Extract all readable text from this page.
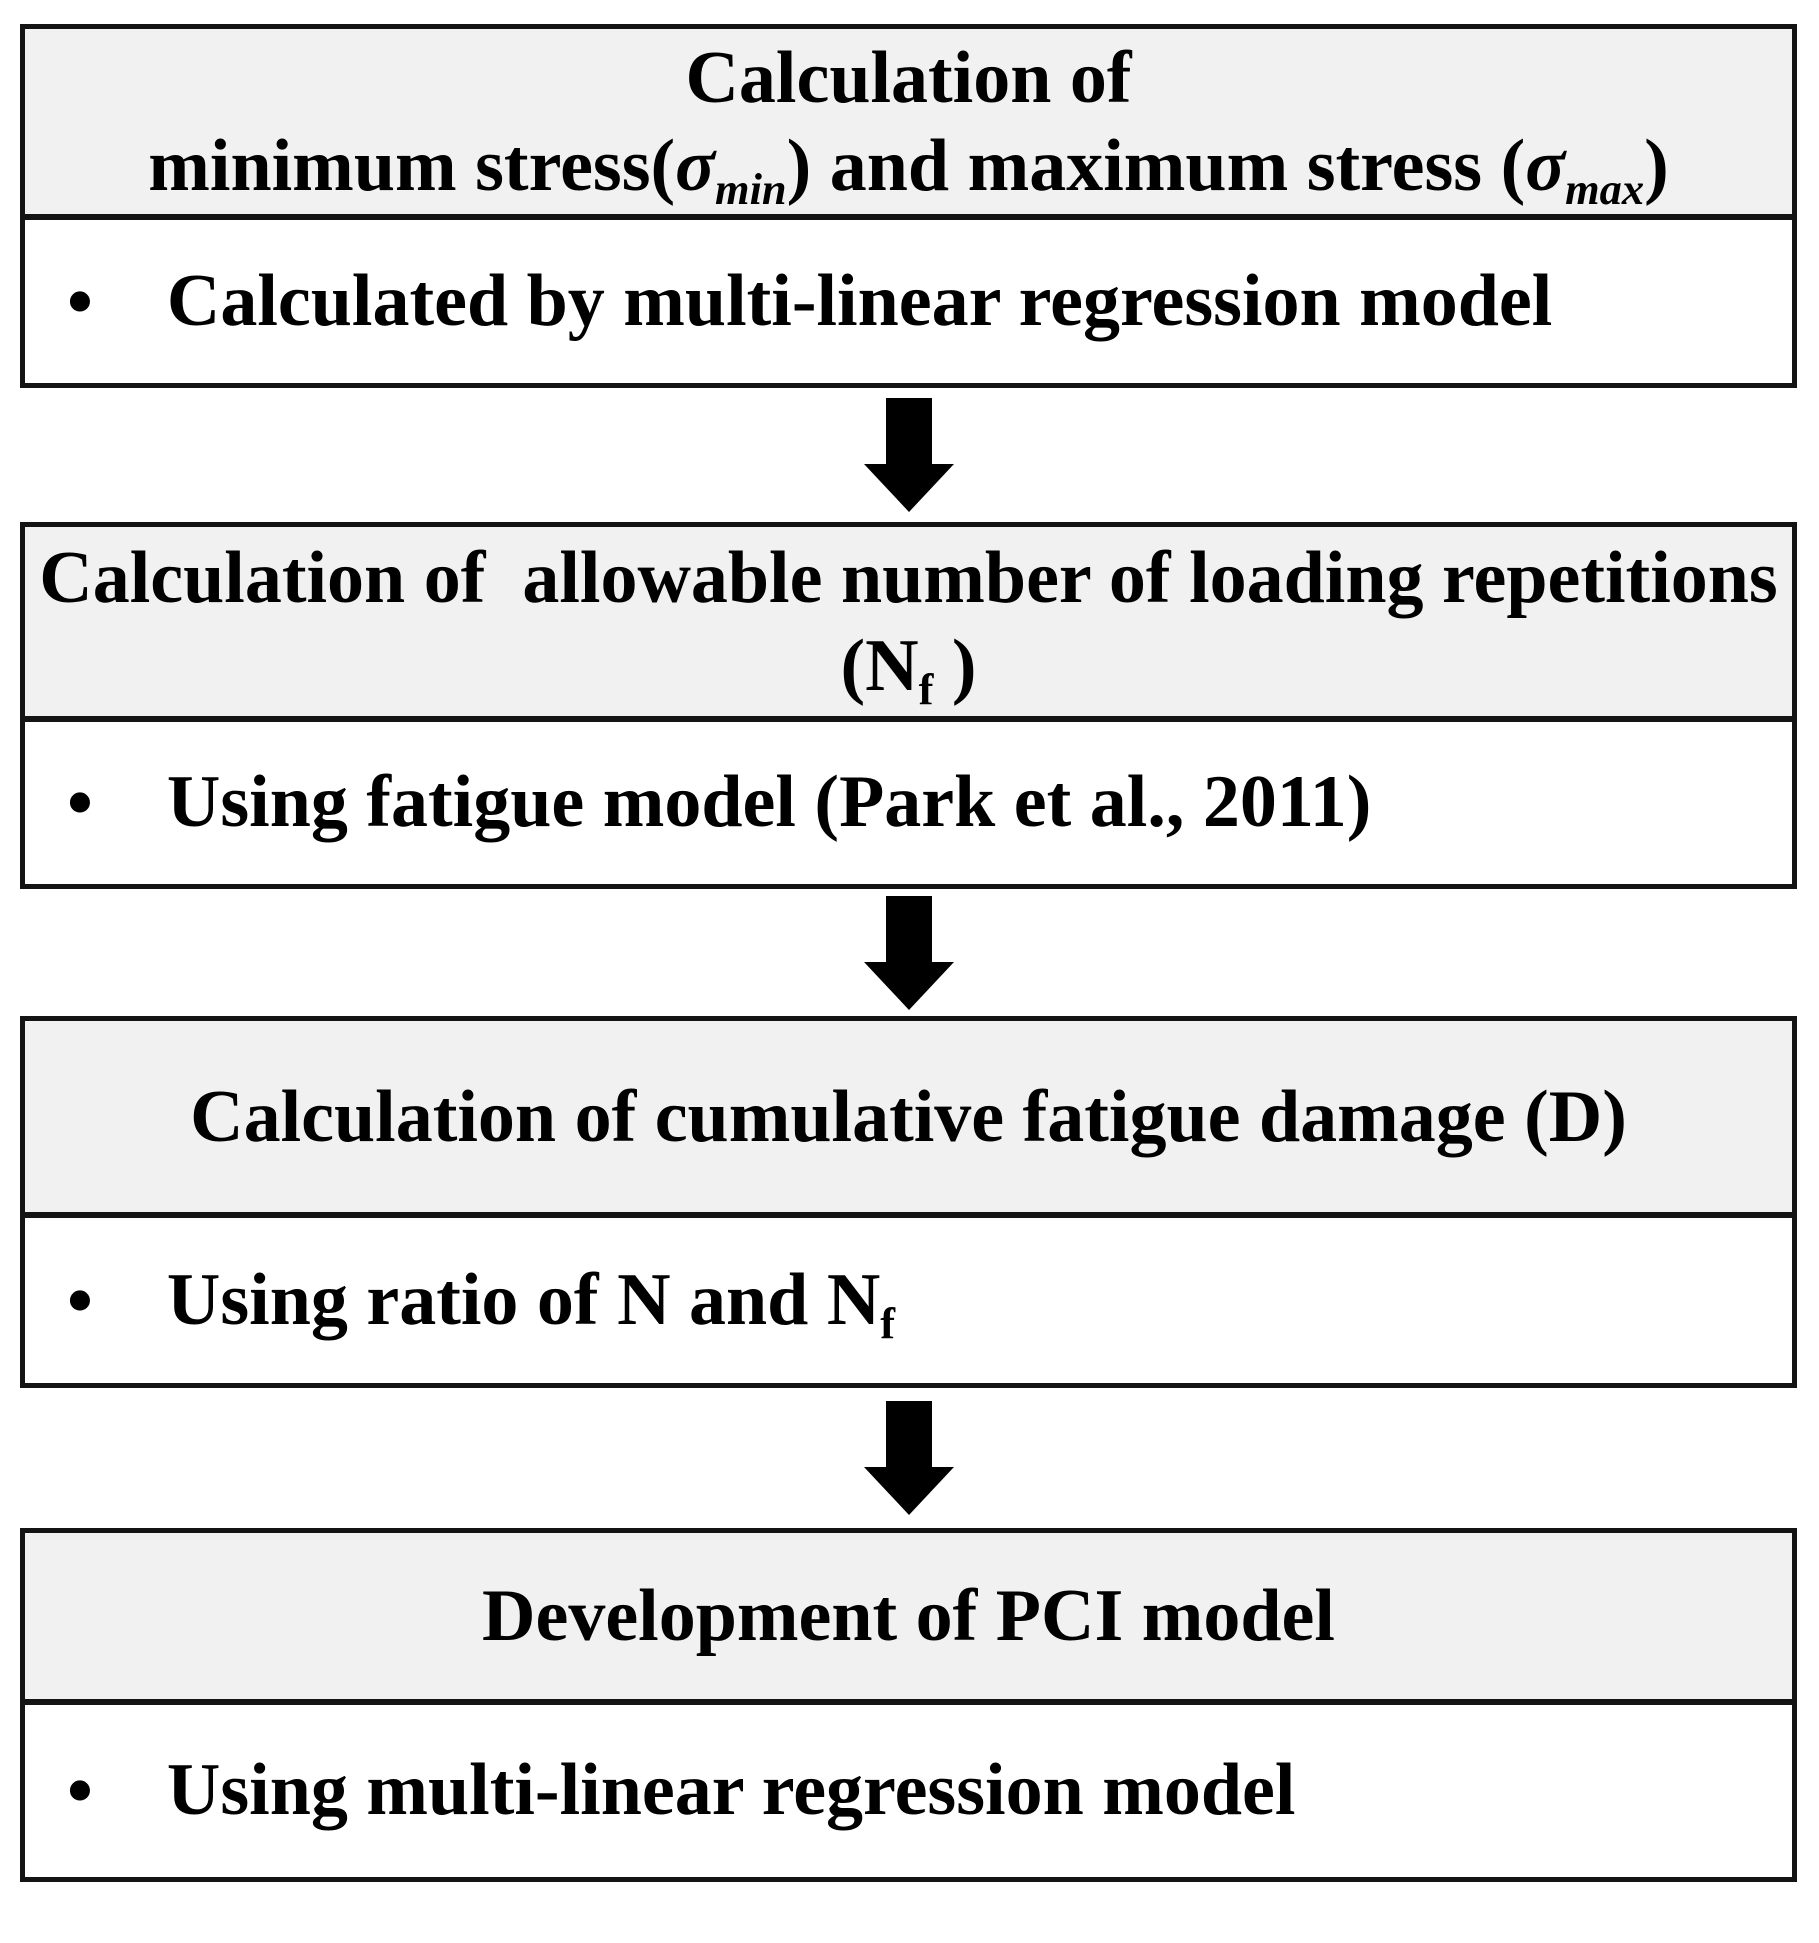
Calculation of
minimum $stress(\sigma_{min})$ and maximum stress $(\sigma_{max})$
• Calculated by multi-linear regression model
Calculation of  allowable number of loading repetitions
($N_f$ )
• Using fatigue model (Park et al., 2011)
Calculation of cumulative fatigue damage (D)
• Using ratio of N and $N_f$
Development of PCI model
• Using multi-linear regression model
